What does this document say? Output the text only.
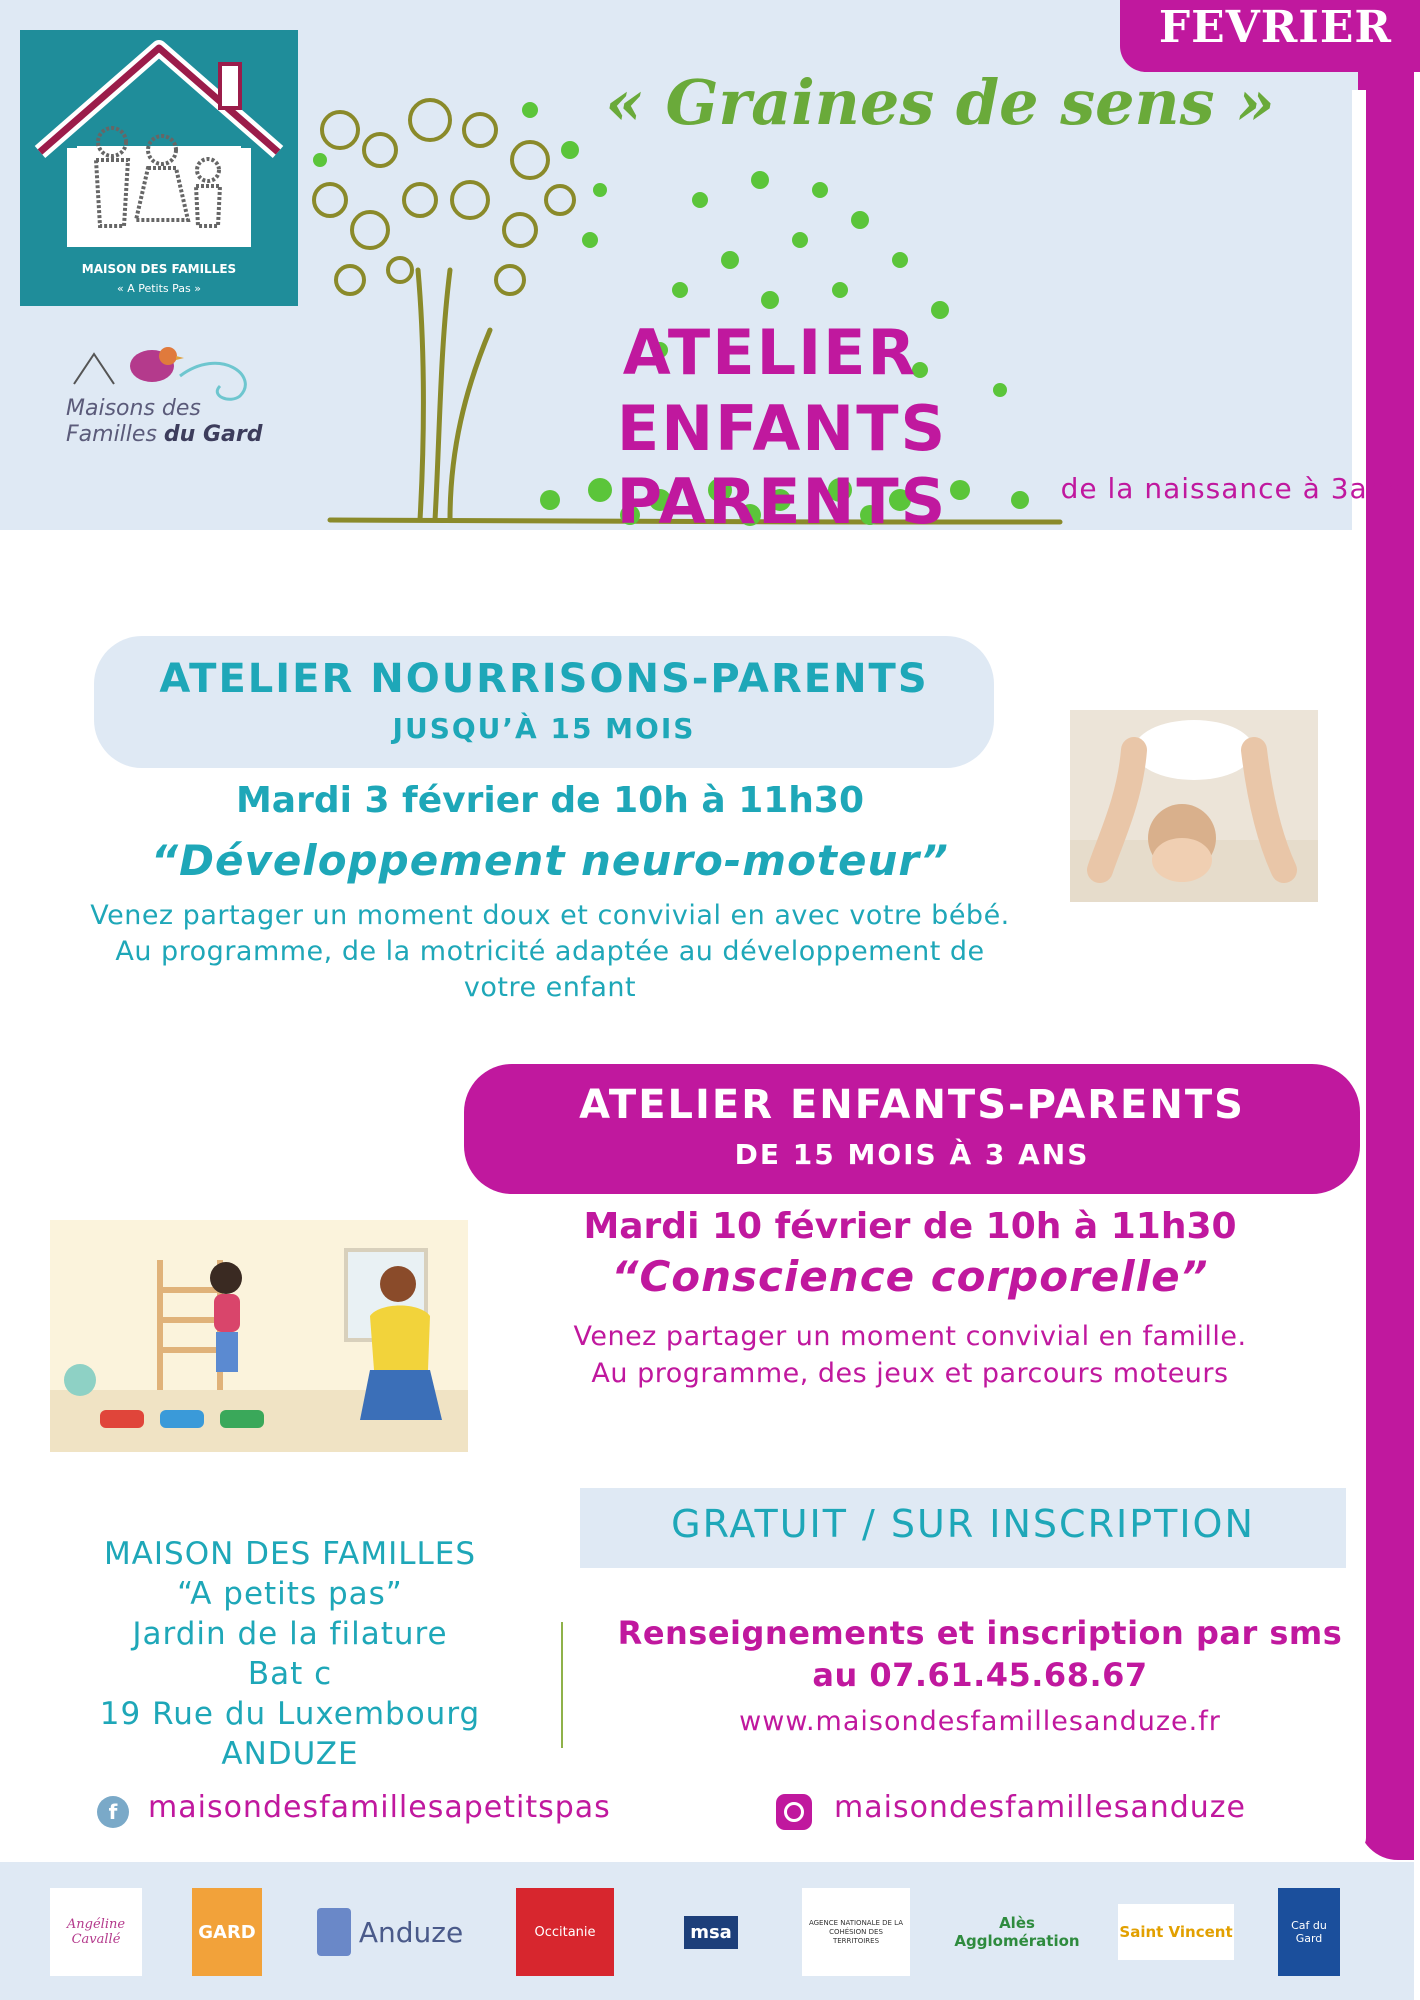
FEVRIER
MAISON DES FAMILLES
« A Petits Pas »
Maisons des
Familles du Gard
« Graines de sens »
ATELIER
ENFANTS PARENTS	de la naissance à 3ans
ATELIER NOURRISONS-PARENTS
JUSQU’À 15 MOIS
Mardi 3 février de 10h à 11h30
“Développement neuro-moteur”
Venez partager un moment doux et convivial en avec votre bébé.
Au programme, de la motricité adaptée au développement de
votre enfant
ATELIER ENFANTS-PARENTS
DE 15 MOIS À 3 ANS
Mardi 10 février de 10h à 11h30
“Conscience corporelle”
Venez partager un moment convivial en famille.
Au programme, des jeux et parcours moteurs
GRATUIT / SUR INSCRIPTION
MAISON DES FAMILLES
“A petits pas”
Jardin de la filature
Bat c
19 Rue du Luxembourg
ANDUZE
Renseignements et inscription par sms
au 07.61.45.68.67
www.maisondesfamillesanduze.fr
f	maisondesfamillesapetitspas	maisondesfamillesanduze
Angéline Cavallé	GARD	Anduze	Occitanie	msa	AGENCE NATIONALE DE LA COHÉSION DES TERRITOIRES
Alès Agglomération	Saint Vincent	Caf du Gard
